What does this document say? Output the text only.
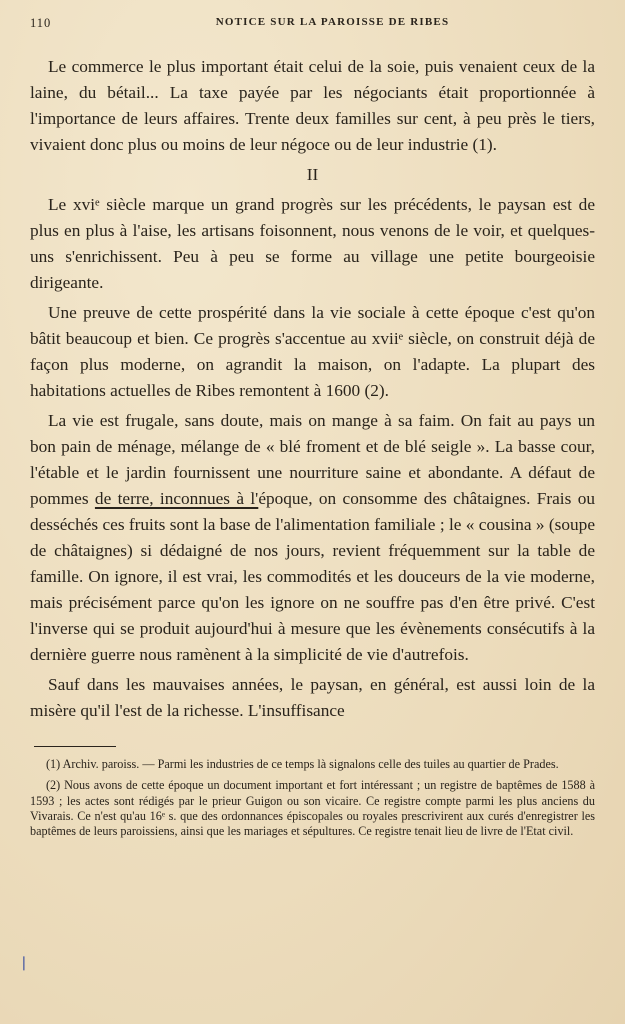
110	NOTICE SUR LA PAROISSE DE RIBES

Le commerce le plus important était celui de la soie, puis venaient ceux de la laine, du bétail... La taxe payée par les négociants était proportionnée à l'importance de leurs affaires. Trente deux familles sur cent, à peu près le tiers, vivaient donc plus ou moins de leur négoce ou de leur industrie (1).

II

Le xviᵉ siècle marque un grand progrès sur les précédents, le paysan est de plus en plus à l'aise, les artisans foisonnent, nous venons de le voir, et quelques-uns s'enrichissent. Peu à peu se forme au village une petite bourgeoisie dirigeante.

Une preuve de cette prospérité dans la vie sociale à cette époque c'est qu'on bâtit beaucoup et bien. Ce progrès s'accentue au xviiᵉ siècle, on construit déjà de façon plus moderne, on agrandit la maison, on l'adapte. La plupart des habitations actuelles de Ribes remontent à 1600 (2).

La vie est frugale, sans doute, mais on mange à sa faim. On fait au pays un bon pain de ménage, mélange de « blé froment et de blé seigle ». La basse cour, l'étable et le jardin fournissent une nourriture saine et abondante. A défaut de pommes de terre, inconnues à l'époque, on consomme des châtaignes. Frais ou desséchés ces fruits sont la base de l'alimentation familiale ; le « cousina » (soupe de châtaignes) si dédaigné de nos jours, revient fréquemment sur la table de famille. On ignore, il est vrai, les commodités et les douceurs de la vie moderne, mais précisément parce qu'on les ignore on ne souffre pas d'en être privé. C'est l'inverse qui se produit aujourd'hui à mesure que les évènements consécutifs à la dernière guerre nous ramènent à la simplicité de vie d'autrefois.

Sauf dans les mauvaises années, le paysan, en général, est aussi loin de la misère qu'il l'est de la richesse. L'insuffisance

(1) Archiv. paroiss. — Parmi les industries de ce temps là signalons celle des tuiles au quartier de Prades.

(2) Nous avons de cette époque un document important et fort intéressant ; un registre de baptêmes de 1588 à 1593 ; les actes sont rédigés par le prieur Guigon ou son vicaire. Ce registre compte parmi les plus anciens du Vivarais. Ce n'est qu'au 16ᵉ s. que des ordonnances épiscopales ou royales prescrivirent aux curés d'enregistrer les baptêmes de leurs paroissiens, ainsi que les mariages et sépultures. Ce registre tenait lieu de livre de l'Etat civil.

❘
